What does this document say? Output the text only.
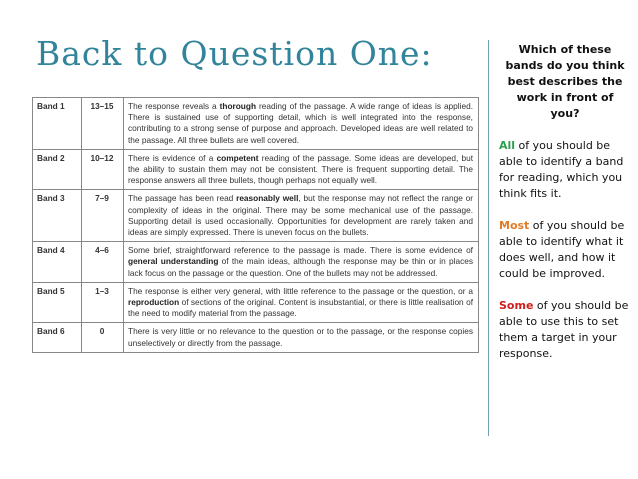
Back to Question One:
Band 1	13–15	The response reveals a thorough reading of the passage. A wide range of ideas is applied. There is sustained use of supporting detail, which is well integrated into the response, contributing to a strong sense of purpose and approach. Developed ideas are well related to the passage. All three bullets are well covered.
Band 2	10–12	There is evidence of a competent reading of the passage. Some ideas are developed, but the ability to sustain them may not be consistent. There is frequent supporting detail. The response answers all three bullets, though perhaps not equally well.
Band 3	7–9	The passage has been read reasonably well, but the response may not reflect the range or complexity of ideas in the original. There may be some mechanical use of the passage. Supporting detail is used occasionally. Opportunities for development are rarely taken and ideas are simply expressed. There is uneven focus on the bullets.
Band 4	4–6	Some brief, straightforward reference to the passage is made. There is some evidence of general understanding of the main ideas, although the response may be thin or in places lack focus on the passage or the question. One of the bullets may not be addressed.
Band 5	1–3	The response is either very general, with little reference to the passage or the question, or a reproduction of sections of the original. Content is insubstantial, or there is little realisation of the need to modify material from the passage.
Band 6	0	There is very little or no relevance to the question or to the passage, or the response copies unselectively or directly from the passage.
Which of these bands do you think best describes the work in front of you?
All of you should be able to identify a band for reading, which you think fits it.
Most of you should be able to identify what it does well, and how it could be improved.
Some of you should be able to use this to set them a target in your response.
